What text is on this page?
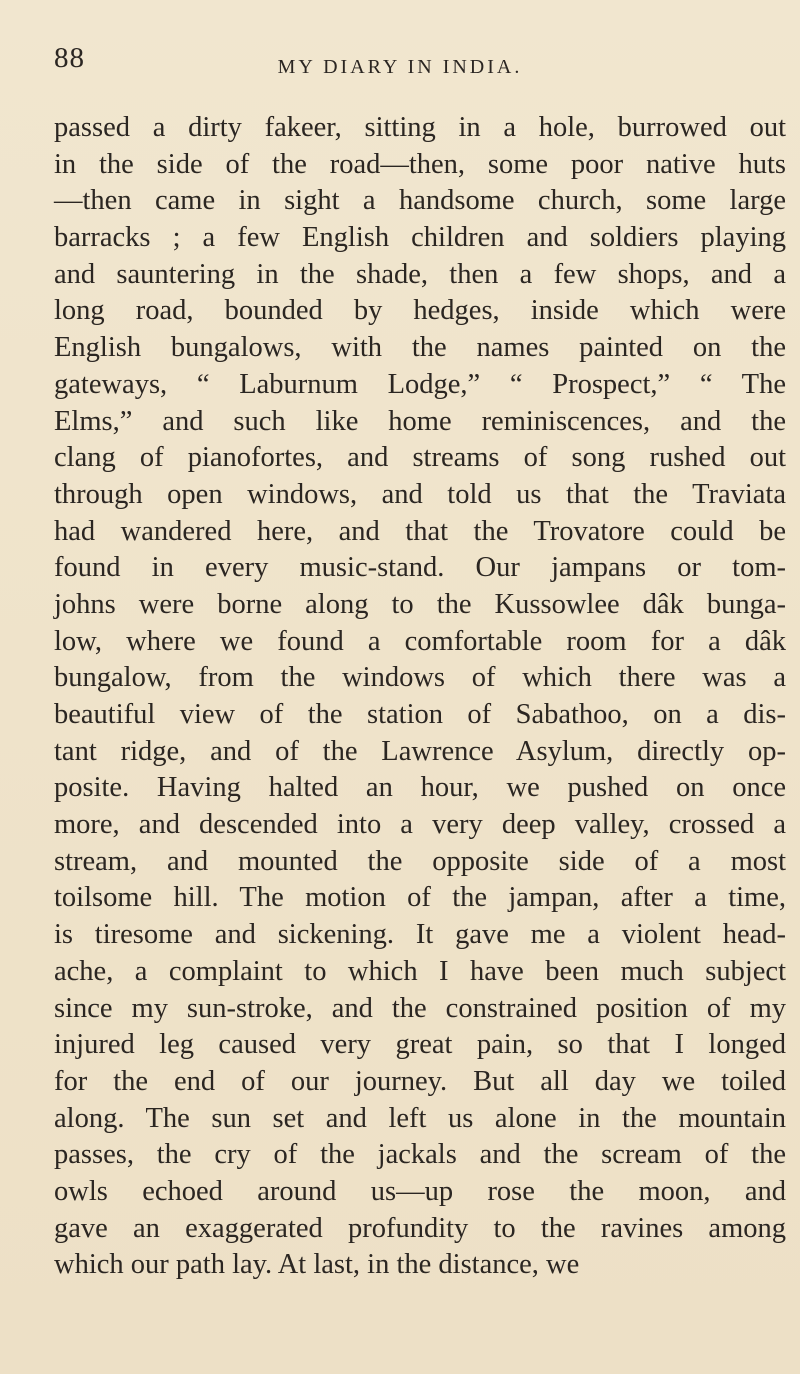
88	MY DIARY IN INDIA.
passed a dirty fakeer, sitting in a hole, burrowed out
in the side of the road—then, some poor native huts
—then came in sight a handsome church, some large
barracks ; a few English children and soldiers playing
and sauntering in the shade, then a few shops, and a
long road, bounded by hedges, inside which were
English bungalows, with the names painted on the
gateways, “ Laburnum Lodge,” “ Prospect,” “ The
Elms,” and such like home reminiscences, and the
clang of pianofortes, and streams of song rushed out
through open windows, and told us that the Traviata
had wandered here, and that the Trovatore could be
found in every music-stand. Our jampans or tom-
johns were borne along to the Kussowlee dâk bunga-
low, where we found a comfortable room for a dâk
bungalow, from the windows of which there was a
beautiful view of the station of Sabathoo, on a dis-
tant ridge, and of the Lawrence Asylum, directly op-
posite. Having halted an hour, we pushed on once
more, and descended into a very deep valley, crossed a
stream, and mounted the opposite side of a most
toilsome hill. The motion of the jampan, after a time,
is tiresome and sickening. It gave me a violent head-
ache, a complaint to which I have been much subject
since my sun-stroke, and the constrained position of my
injured leg caused very great pain, so that I longed
for the end of our journey. But all day we toiled
along. The sun set and left us alone in the mountain
passes, the cry of the jackals and the scream of the
owls echoed around us—up rose the moon, and
gave an exaggerated profundity to the ravines among
which our path lay. At last, in the distance, we
